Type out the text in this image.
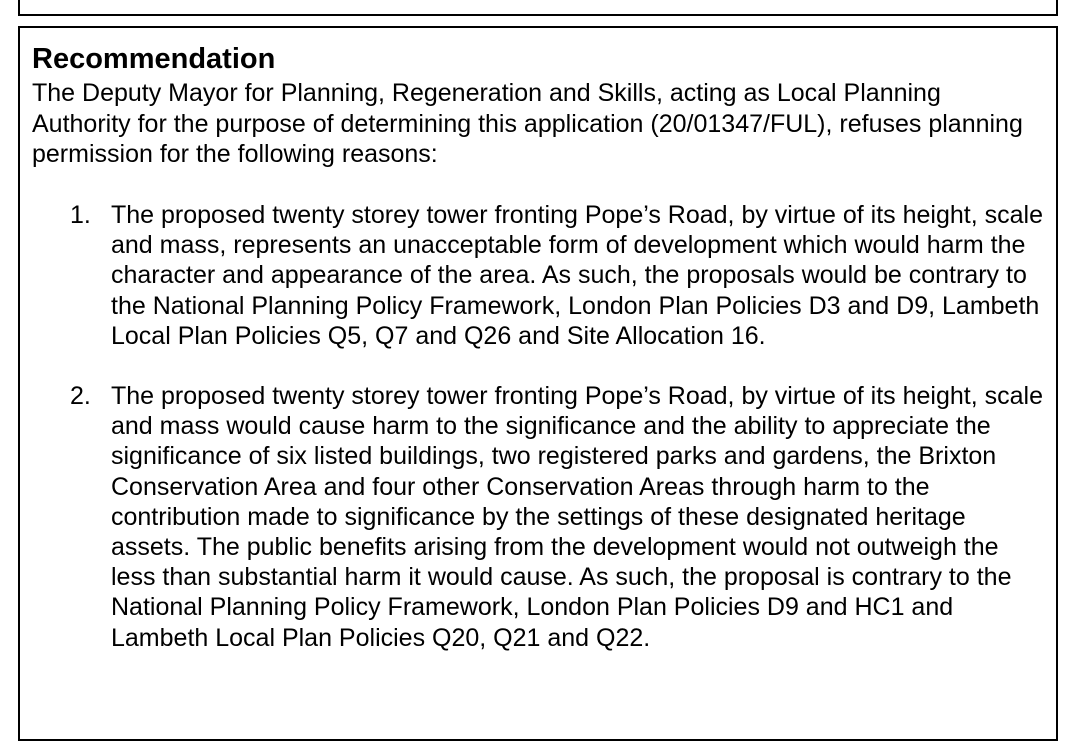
Recommendation

The Deputy Mayor for Planning, Regeneration and Skills, acting as Local Planning Authority for the purpose of determining this application (20/01347/FUL), refuses planning permission for the following reasons:

1. The proposed twenty storey tower fronting Pope’s Road, by virtue of its height, scale and mass, represents an unacceptable form of development which would harm the character and appearance of the area. As such, the proposals would be contrary to the National Planning Policy Framework, London Plan Policies D3 and D9, Lambeth Local Plan Policies Q5, Q7 and Q26 and Site Allocation 16.
2. The proposed twenty storey tower fronting Pope’s Road, by virtue of its height, scale and mass would cause harm to the significance and the ability to appreciate the significance of six listed buildings, two registered parks and gardens, the Brixton Conservation Area and four other Conservation Areas through harm to the contribution made to significance by the settings of these designated heritage assets. The public benefits arising from the development would not outweigh the less than substantial harm it would cause. As such, the proposal is contrary to the National Planning Policy Framework, London Plan Policies D9 and HC1 and Lambeth Local Plan Policies Q20, Q21 and Q22.
